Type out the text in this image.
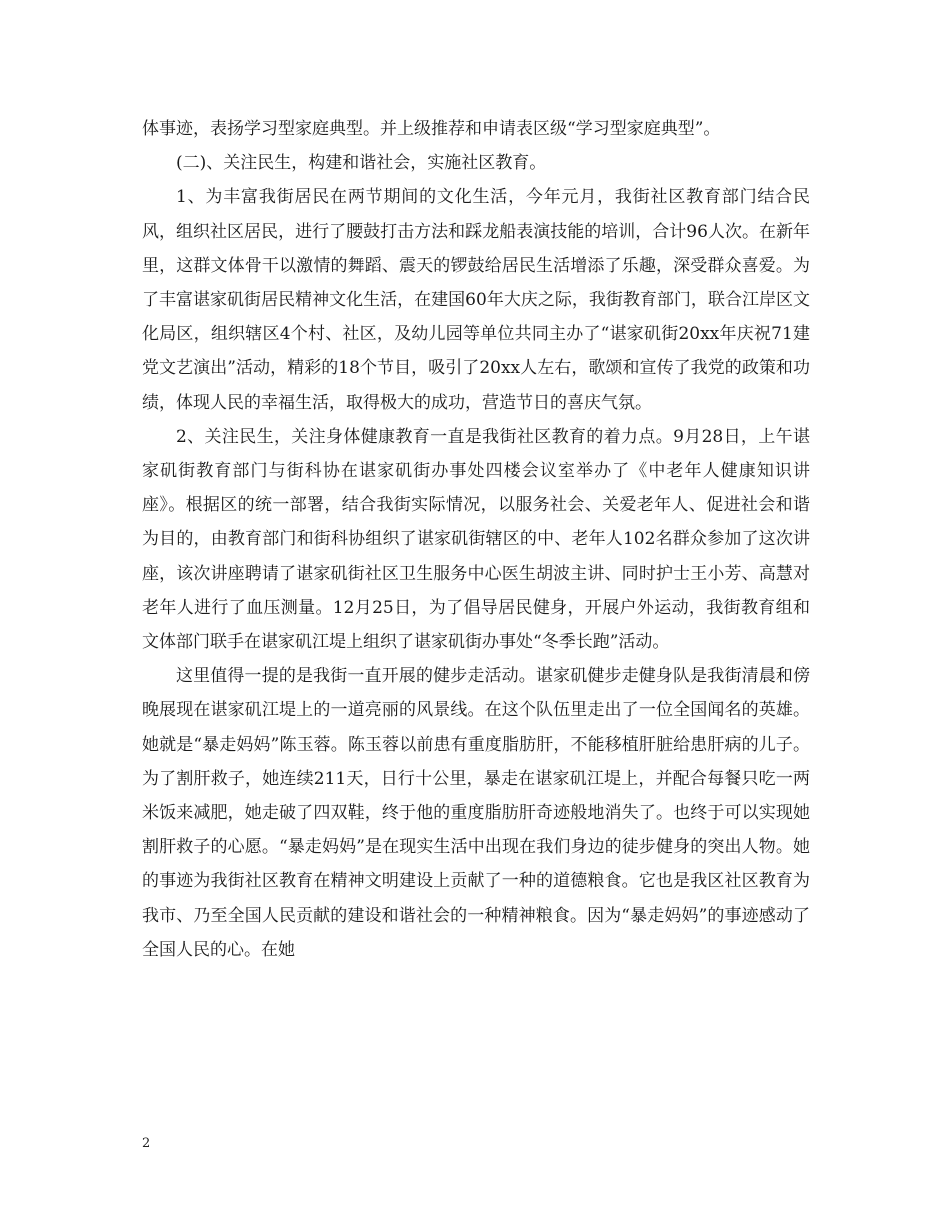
体事迹，表扬学习型家庭典型。并上级推荐和申请表区级“学习型家庭典型”。

(二)、关注民生，构建和谐社会，实施社区教育。

1、为丰富我街居民在两节期间的文化生活，今年元月，我街社区教育部门结合民风，组织社区居民，进行了腰鼓打击方法和踩龙船表演技能的培训，合计96人次。在新年里，这群文体骨干以激情的舞蹈、震天的锣鼓给居民生活增添了乐趣，深受群众喜爱。为了丰富谌家矶街居民精神文化生活，在建国60年大庆之际，我街教育部门，联合江岸区文化局区，组织辖区4个村、社区，及幼儿园等单位共同主办了“谌家矶街20xx年庆祝71建党文艺演出”活动，精彩的18个节目，吸引了20xx人左右，歌颂和宣传了我党的政策和功绩，体现人民的幸福生活，取得极大的成功，营造节日的喜庆气氛。

2、关注民生，关注身体健康教育一直是我街社区教育的着力点。9月28日，上午谌家矶街教育部门与街科协在谌家矶街办事处四楼会议室举办了《中老年人健康知识讲座》。根据区的统一部署，结合我街实际情况，以服务社会、关爱老年人、促进社会和谐为目的，由教育部门和街科协组织了谌家矶街辖区的中、老年人102名群众参加了这次讲座，该次讲座聘请了谌家矶街社区卫生服务中心医生胡波主讲、同时护士王小芳、高慧对老年人进行了血压测量。12月25日，为了倡导居民健身，开展户外运动，我街教育组和文体部门联手在谌家矶江堤上组织了谌家矶街办事处“冬季长跑”活动。

这里值得一提的是我街一直开展的健步走活动。谌家矶健步走健身队是我街清晨和傍晚展现在谌家矶江堤上的一道亮丽的风景线。在这个队伍里走出了一位全国闻名的英雄。她就是“暴走妈妈”陈玉蓉。陈玉蓉以前患有重度脂肪肝，不能移植肝脏给患肝病的儿子。为了割肝救子，她连续211天，日行十公里，暴走在谌家矶江堤上，并配合每餐只吃一两米饭来减肥，她走破了四双鞋，终于他的重度脂肪肝奇迹般地消失了。也终于可以实现她割肝救子的心愿。“暴走妈妈”是在现实生活中出现在我们身边的徒步健身的突出人物。她的事迹为我街社区教育在精神文明建设上贡献了一种的道德粮食。它也是我区社区教育为我市、乃至全国人民贡献的建设和谐社会的一种精神粮食。因为“暴走妈妈”的事迹感动了全国人民的心。在她

2
